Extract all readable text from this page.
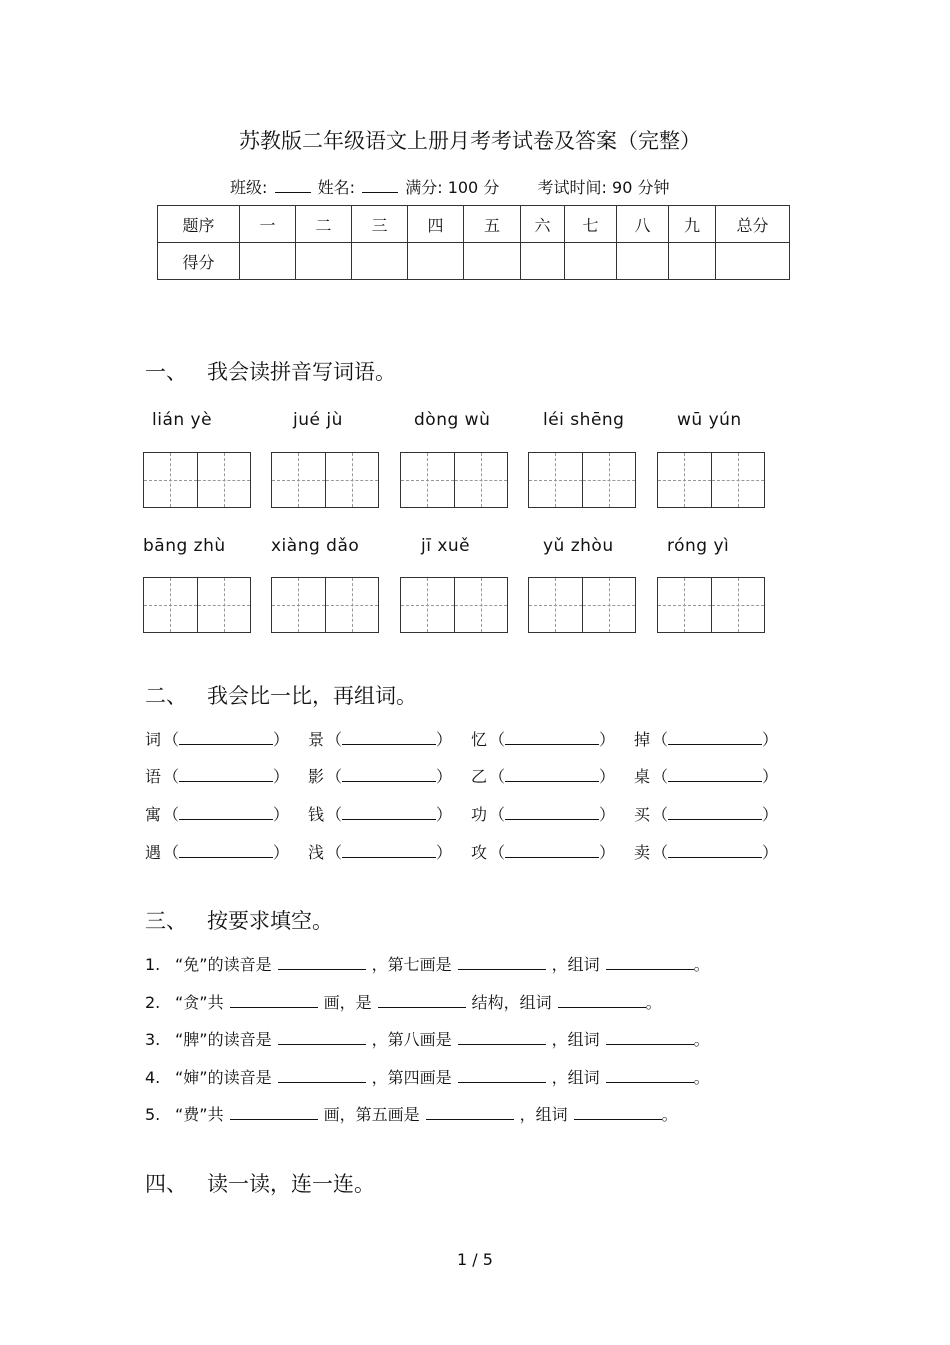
苏教版二年级语文上册月考考试卷及答案（完整）
班级:	姓名:	满分: 100 分 考试时间: 90 分钟
题序	一	二	三	四	五	六	七	八	九	总分
得分										
一、 我会读拼音写词语。
lián yè	jué jù	dòng wù	léi shēng	wū yún
bāng zhù	xiàng dǎo	jī xuě	yǔ zhòu	róng yì
二、 我会比一比，再组词。
词 （	） 景 （	） 忆 （	） 掉 （	）
语 （	） 影 （	） 乙 （	） 桌 （	）
寓 （	） 钱 （	） 功 （	） 买 （	）
遇 （	） 浅 （	） 攻 （	） 卖 （	）
三、 按要求填空。
1. “免”的读音是	，第七画是	，组词	。
2. “贪”共	画，是	结构，组词	。
3. “脾”的读音是	，第八画是	，组词	。
4. “婶”的读音是	，第四画是	，组词	。
5. “费”共	画，第五画是	，组词	。
四、 读一读，连一连。
1 / 5
